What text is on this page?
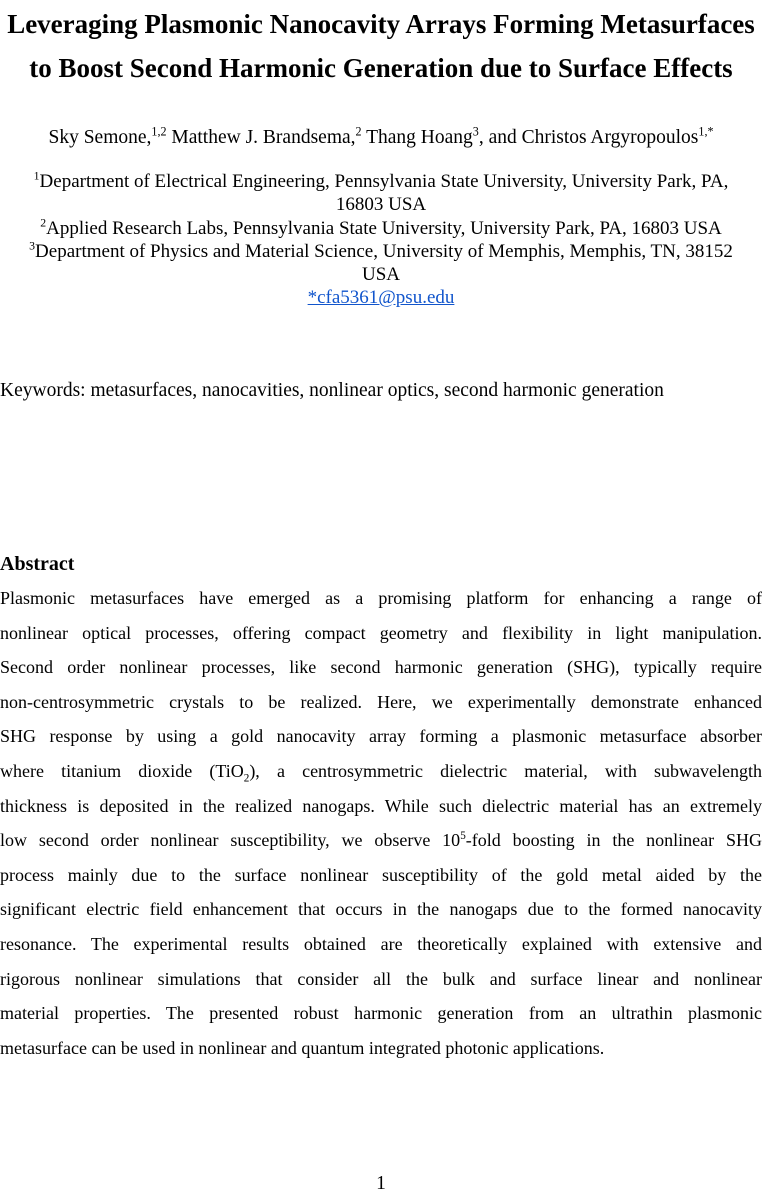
Leveraging Plasmonic Nanocavity Arrays Forming Metasurfaces
to Boost Second Harmonic Generation due to Surface Effects
Sky Semone,$^{1,2}$ Matthew J. Brandsema,$^2$ Thang Hoang$^3$, and Christos Argyropoulos$^{1,*}$
$^1$Department of Electrical Engineering, Pennsylvania State University, University Park, PA,
16803 USA
$^2$Applied Research Labs, Pennsylvania State University, University Park, PA, 16803 USA
$^3$Department of Physics and Material Science, University of Memphis, Memphis, TN, 38152
USA
*cfa5361@psu.edu
Keywords: metasurfaces, nanocavities, nonlinear optics, second harmonic generation
Abstract
Plasmonic metasurfaces have emerged as a promising platform for enhancing a range of
nonlinear optical processes, offering compact geometry and flexibility in light manipulation.
Second order nonlinear processes, like second harmonic generation (SHG), typically require
non-centrosymmetric crystals to be realized. Here, we experimentally demonstrate enhanced
SHG response by using a gold nanocavity array forming a plasmonic metasurface absorber
where titanium dioxide (TiO$_2$), a centrosymmetric dielectric material, with subwavelength
thickness is deposited in the realized nanogaps. While such dielectric material has an extremely
low second order nonlinear susceptibility, we observe $10^5$-fold boosting in the nonlinear SHG
process mainly due to the surface nonlinear susceptibility of the gold metal aided by the
significant electric field enhancement that occurs in the nanogaps due to the formed nanocavity
resonance. The experimental results obtained are theoretically explained with extensive and
rigorous nonlinear simulations that consider all the bulk and surface linear and nonlinear
material properties. The presented robust harmonic generation from an ultrathin plasmonic
metasurface can be used in nonlinear and quantum integrated photonic applications.
1
